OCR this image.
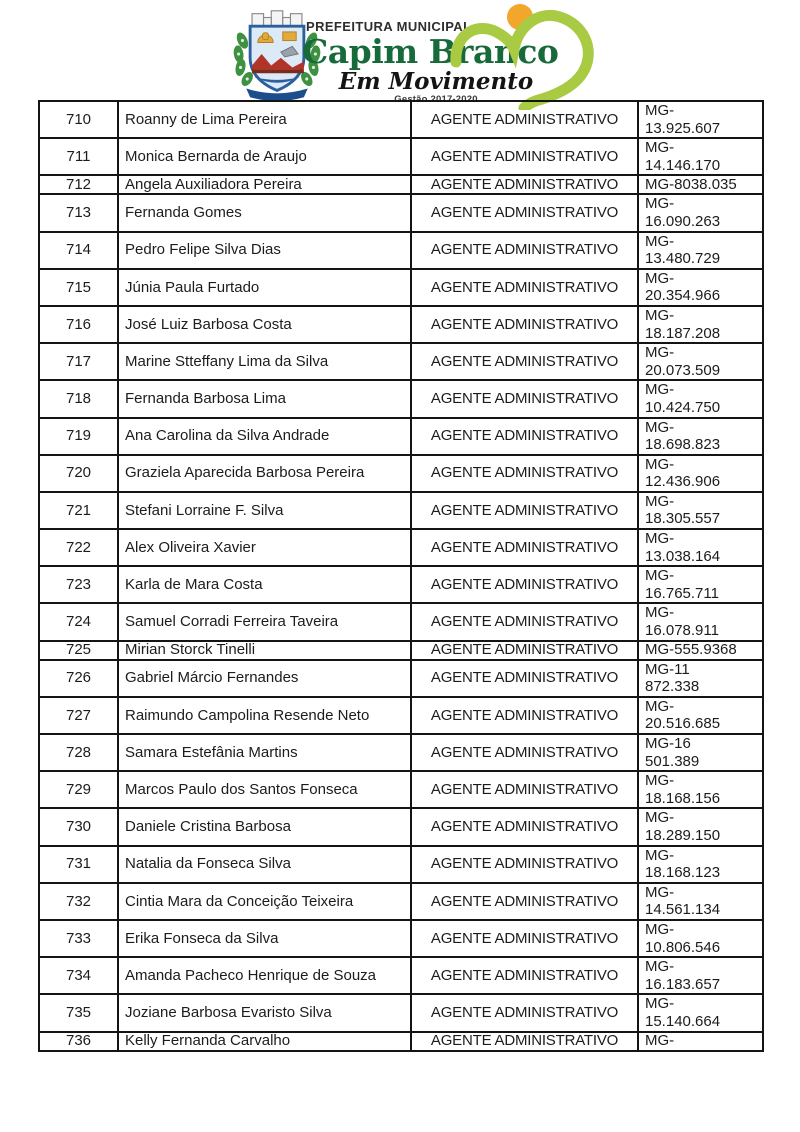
PREFEITURA MUNICIPAL
Capim Branco
Em Movimento
Gestão 2017-2020
710	Roanny de Lima Pereira	AGENTE ADMINISTRATIVO	MG-
13.925.607

711	Monica Bernarda de Araujo	AGENTE ADMINISTRATIVO	MG-
14.146.170

712	Angela Auxiliadora Pereira	AGENTE ADMINISTRATIVO	MG-8038.035

713	Fernanda Gomes	AGENTE ADMINISTRATIVO	MG-
16.090.263

714	Pedro Felipe Silva Dias	AGENTE ADMINISTRATIVO	MG-
13.480.729

715	Júnia Paula Furtado	AGENTE ADMINISTRATIVO	MG-
20.354.966

716	José Luiz Barbosa Costa	AGENTE ADMINISTRATIVO	MG-
18.187.208

717	Marine Stteffany Lima da Silva	AGENTE ADMINISTRATIVO	MG-
20.073.509

718	Fernanda Barbosa Lima	AGENTE ADMINISTRATIVO	MG-
10.424.750

719	Ana Carolina da Silva Andrade	AGENTE ADMINISTRATIVO	MG-
18.698.823

720	Graziela Aparecida Barbosa Pereira	AGENTE ADMINISTRATIVO	MG-
12.436.906

721	Stefani Lorraine F. Silva	AGENTE ADMINISTRATIVO	MG-
18.305.557

722	Alex Oliveira Xavier	AGENTE ADMINISTRATIVO	MG-
13.038.164

723	Karla de Mara Costa	AGENTE ADMINISTRATIVO	MG-
16.765.711

724	Samuel Corradi Ferreira Taveira	AGENTE ADMINISTRATIVO	MG-
16.078.911

725	Mirian Storck Tinelli	AGENTE ADMINISTRATIVO	MG-555.9368

726	Gabriel Márcio Fernandes	AGENTE ADMINISTRATIVO	MG-11
872.338

727	Raimundo Campolina Resende Neto	AGENTE ADMINISTRATIVO	MG-
20.516.685

728	Samara Estefânia Martins	AGENTE ADMINISTRATIVO	MG-16
501.389

729	Marcos Paulo dos Santos Fonseca	AGENTE ADMINISTRATIVO	MG-
18.168.156

730	Daniele Cristina Barbosa	AGENTE ADMINISTRATIVO	MG-
18.289.150

731	Natalia da Fonseca Silva	AGENTE ADMINISTRATIVO	MG-
18.168.123

732	Cintia Mara da Conceição Teixeira	AGENTE ADMINISTRATIVO	MG-
14.561.134

733	Erika Fonseca da Silva	AGENTE ADMINISTRATIVO	MG-
10.806.546

734	Amanda Pacheco Henrique de Souza	AGENTE ADMINISTRATIVO	MG-
16.183.657

735	Joziane Barbosa Evaristo Silva	AGENTE ADMINISTRATIVO	MG-
15.140.664

736	Kelly Fernanda Carvalho	AGENTE ADMINISTRATIVO	MG-
